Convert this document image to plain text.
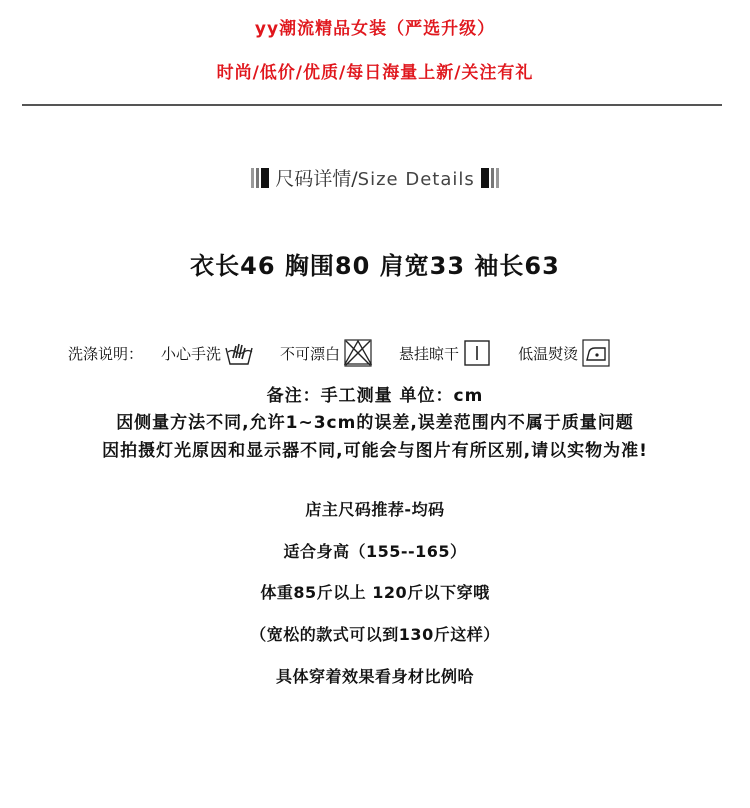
yy潮流精品女装（严选升级）
时尚/低价/优质/每日海量上新/关注有礼
尺码详情/Size Details
衣长46 胸围80 肩宽33 袖长63
洗涤说明： 小心手洗	不可漂白	悬挂晾干	低温熨烫
备注：手工测量 单位：cm
因侧量方法不同,允许1~3cm的误差,误差范围内不属于质量问题
因拍摄灯光原因和显示器不同,可能会与图片有所区别,请以实物为准!
店主尺码推荐-均码
适合身高（155--165）
体重85斤以上 120斤以下穿哦
（宽松的款式可以到130斤这样）
具体穿着效果看身材比例哈
